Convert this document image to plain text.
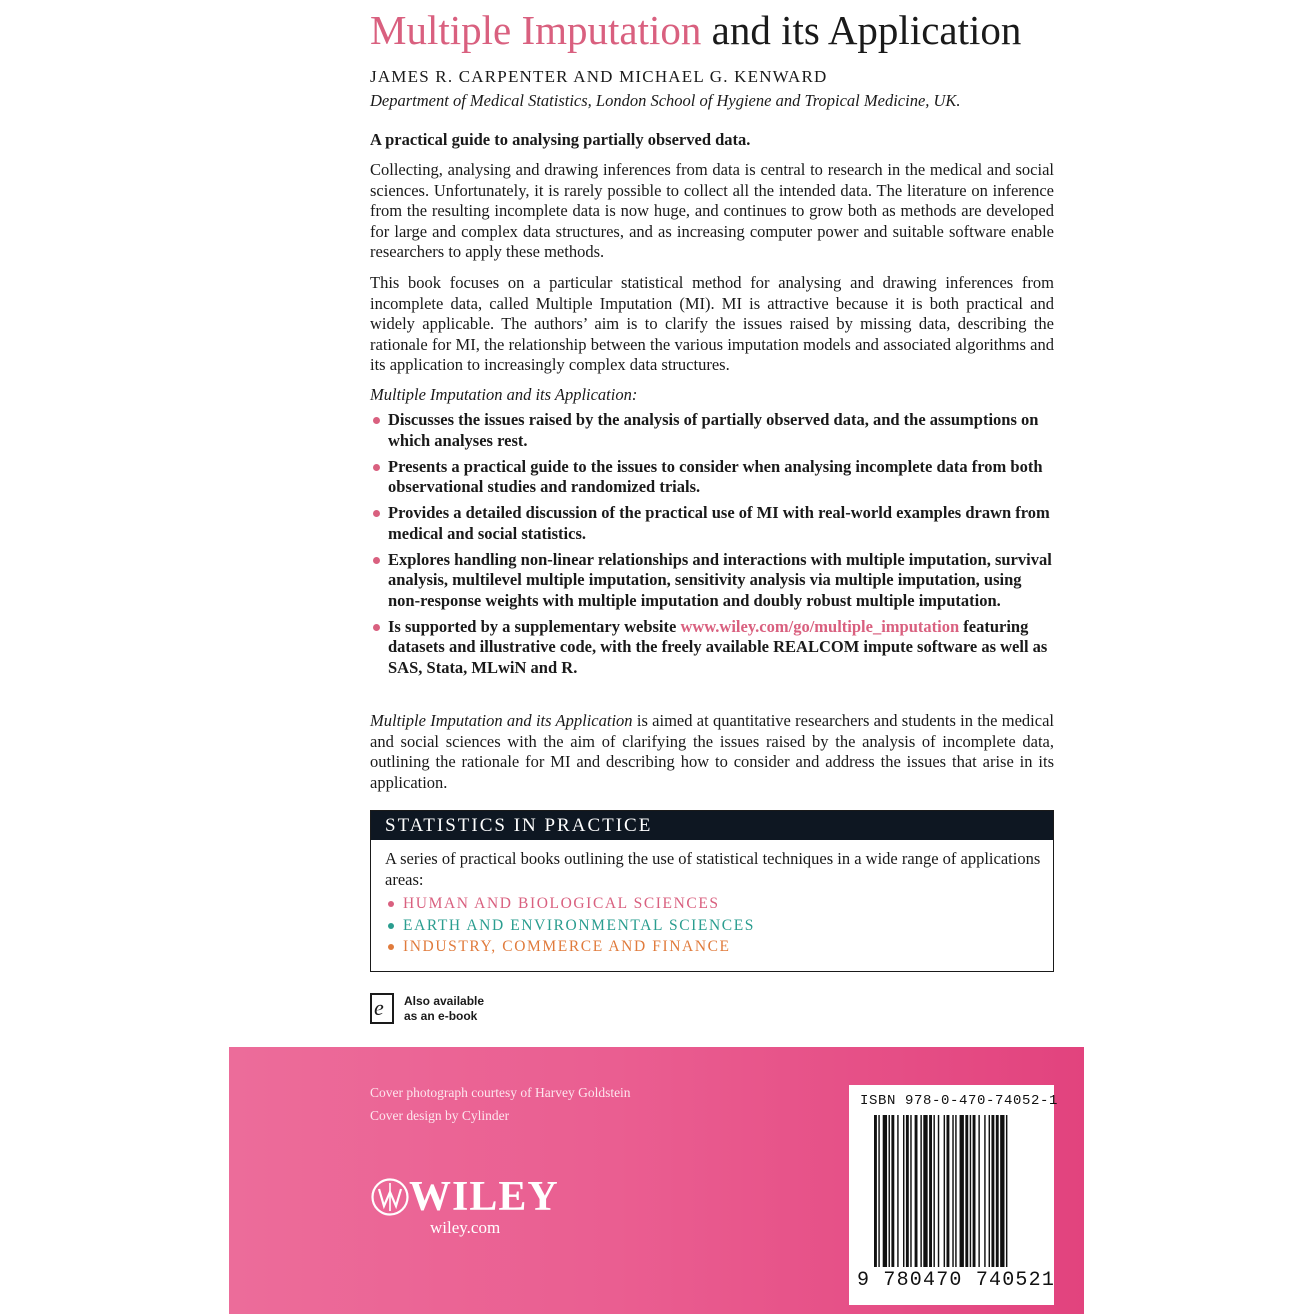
Multiple Imputation and its Application
JAMES R. CARPENTER AND MICHAEL G. KENWARD
Department of Medical Statistics, London School of Hygiene and Tropical Medicine, UK.
A practical guide to analysing partially observed data.
Collecting, analysing and drawing inferences from data is central to research in the medical and social sciences. Unfortunately, it is rarely possible to collect all the intended data. The literature on inference from the resulting incomplete data is now huge, and continues to grow both as methods are developed for large and complex data structures, and as increasing computer power and suitable software enable researchers to apply these methods.
This book focuses on a particular statistical method for analysing and drawing inferences from incomplete data, called Multiple Imputation (MI). MI is attractive because it is both practical and widely applicable. The authors’ aim is to clarify the issues raised by missing data, describing the rationale for MI, the relationship between the various imputation models and associated algorithms and its application to increasingly complex data structures.
Multiple Imputation and its Application:
Discusses the issues raised by the analysis of partially observed data, and the assumptions on which analyses rest.
Presents a practical guide to the issues to consider when analysing incomplete data from both observational studies and randomized trials.
Provides a detailed discussion of the practical use of MI with real-world examples drawn from medical and social statistics.
Explores handling non-linear relationships and interactions with multiple imputation, survival analysis, multilevel multiple imputation, sensitivity analysis via multiple imputation, using non-response weights with multiple imputation and doubly robust multiple imputation.
Is supported by a supplementary website www.wiley.com/go/multiple_imputation featuring datasets and illustrative code, with the freely available REALCOM impute software as well as SAS, Stata, MLwiN and R.
Multiple Imputation and its Application is aimed at quantitative researchers and students in the medical and social sciences with the aim of clarifying the issues raised by the analysis of incomplete data, outlining the rationale for MI and describing how to consider and address the issues that arise in its application.
STATISTICS IN PRACTICE
A series of practical books outlining the use of statistical techniques in a wide range of applications areas:
HUMAN AND BIOLOGICAL SCIENCES
EARTH AND ENVIRONMENTAL SCIENCES
INDUSTRY, COMMERCE AND FINANCE
e Also available
as an e-book
Cover photograph courtesy of Harvey Goldstein
Cover design by Cylinder
WILEY
wiley.com
ISBN 978-0-470-74052-1
9 780470 740521
